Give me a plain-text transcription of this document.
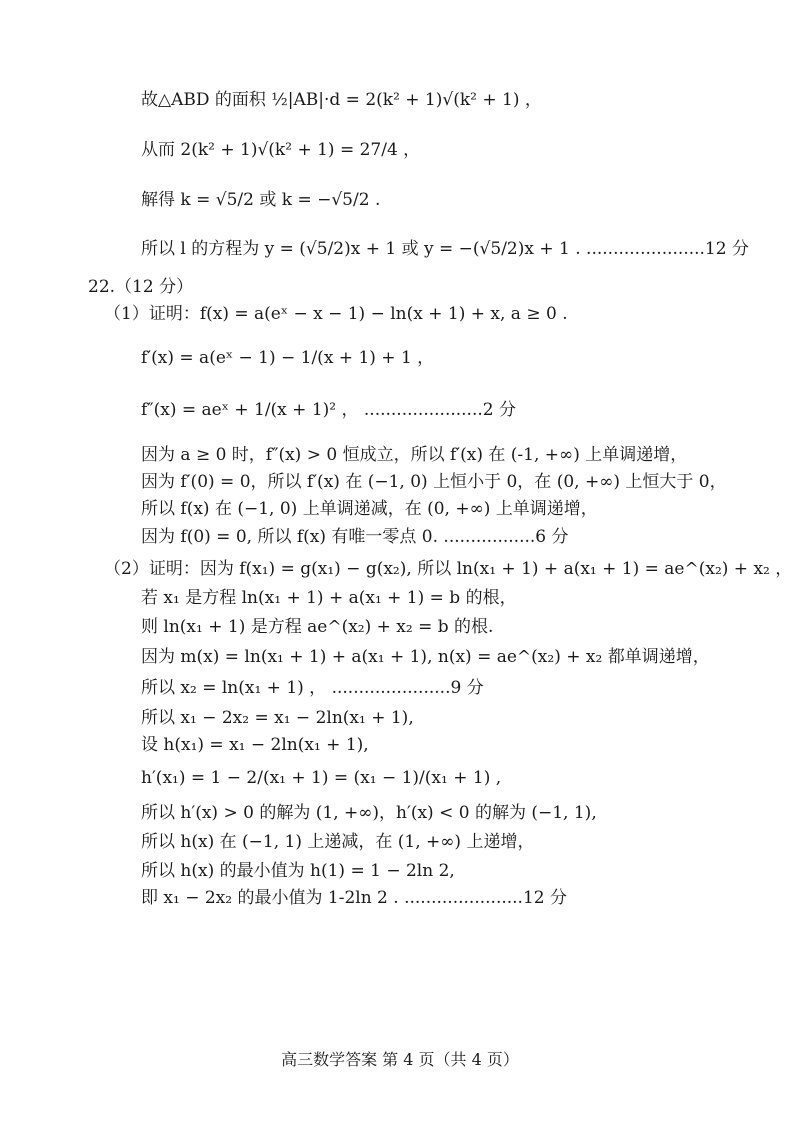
故△ABD 的面积 ½|AB|·d = 2(k² + 1)√(k² + 1) ，
从而 2(k² + 1)√(k² + 1) = 27/4 ，
解得 k = √5/2 或 k = −√5/2 .
所以 l 的方程为 y = (√5/2)x + 1 或 y = −(√5/2)x + 1 . ......................12 分
22.（12 分）
（1）证明：f(x) = a(eˣ − x − 1) − ln(x + 1) + x, a ≥ 0 .
f′(x) = a(eˣ − 1) − 1/(x + 1) + 1 ，
f″(x) = aeˣ + 1/(x + 1)² ， ......................2 分
因为 a ≥ 0 时，f″(x) > 0 恒成立，所以 f′(x) 在 (-1, +∞) 上单调递增，
因为 f′(0) = 0，所以 f′(x) 在 (−1, 0) 上恒小于 0，在 (0, +∞) 上恒大于 0，
所以 f(x) 在 (−1, 0) 上单调递减，在 (0, +∞) 上单调递增，
因为 f(0) = 0, 所以 f(x) 有唯一零点 0. .................6 分
（2）证明：因为 f(x₁) = g(x₁) − g(x₂), 所以 ln(x₁ + 1) + a(x₁ + 1) = ae^(x₂) + x₂ ，
若 x₁ 是方程 ln(x₁ + 1) + a(x₁ + 1) = b 的根，
则 ln(x₁ + 1) 是方程 ae^(x₂) + x₂ = b 的根.
因为 m(x) = ln(x₁ + 1) + a(x₁ + 1), n(x) = ae^(x₂) + x₂ 都单调递增，
所以 x₂ = ln(x₁ + 1) ， ......................9 分
所以 x₁ − 2x₂ = x₁ − 2ln(x₁ + 1),
设 h(x₁) = x₁ − 2ln(x₁ + 1),
h′(x₁) = 1 − 2/(x₁ + 1) = (x₁ − 1)/(x₁ + 1) ,
所以 h′(x) > 0 的解为 (1, +∞)，h′(x) < 0 的解为 (−1, 1),
所以 h(x) 在 (−1, 1) 上递减，在 (1, +∞) 上递增，
所以 h(x) 的最小值为 h(1) = 1 − 2ln 2,
即 x₁ − 2x₂ 的最小值为 1-2ln 2 . ......................12 分
高三数学答案 第 4 页（共 4 页）
